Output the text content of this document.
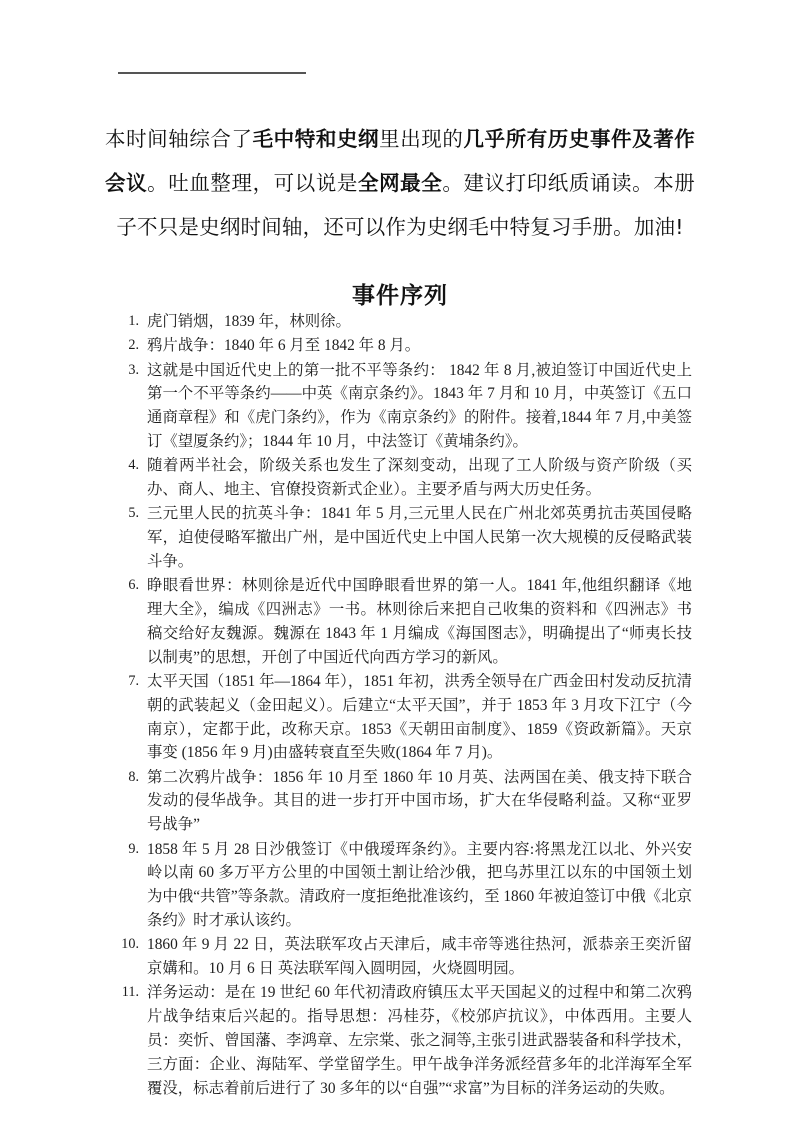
本时间轴综合了毛中特和史纲里出现的几乎所有历史事件及著作会议。吐血整理，可以说是全网最全。建议打印纸质诵读。本册子不只是史纲时间轴，还可以作为史纲毛中特复习手册。加油!

事件序列
1. 虎门销烟，1839 年，林则徐。
2. 鸦片战争：1840 年 6 月至 1842 年 8 月。
3. 这就是中国近代史上的第一批不平等条约： 1842 年 8 月,被迫签订中国近代史上第一个不平等条约——中英《南京条约》。1843 年 7 月和 10 月，中英签订《五口通商章程》和《虎门条约》，作为《南京条约》的附件。接着,1844 年 7 月,中美签订《望厦条约》；1844 年 10 月，中法签订《黄埔条约》。
4. 随着两半社会，阶级关系也发生了深刻变动，出现了工人阶级与资产阶级（买办、商人、地主、官僚投资新式企业）。主要矛盾与两大历史任务。
5. 三元里人民的抗英斗争：1841 年 5 月,三元里人民在广州北郊英勇抗击英国侵略军，迫使侵略军撤出广州，是中国近代史上中国人民第一次大规模的反侵略武装斗争。
6. 睁眼看世界：林则徐是近代中国睁眼看世界的第一人。1841 年,他组织翻译《地理大全》，编成《四洲志》一书。林则徐后来把自己收集的资料和《四洲志》书稿交给好友魏源。魏源在 1843 年 1 月编成《海国图志》，明确提出了“师夷长技以制夷”的思想，开创了中国近代向西方学习的新风。
7. 太平天国（1851 年—1864 年），1851 年初，洪秀全领导在广西金田村发动反抗清朝的武装起义（金田起义）。后建立“太平天国”，并于 1853 年 3 月攻下江宁（今南京），定都于此，改称天京。1853《天朝田亩制度》、1859《资政新篇》。天京事变 (1856 年 9 月)由盛转衰直至失败(1864 年 7 月)。
8. 第二次鸦片战争：1856 年 10 月至 1860 年 10 月英、法两国在美、俄支持下联合发动的侵华战争。其目的进一步打开中国市场，扩大在华侵略利益。又称“亚罗号战争”
9. 1858 年 5 月 28 日沙俄签订《中俄瑷珲条约》。主要内容:将黑龙江以北、外兴安岭以南 60 多万平方公里的中国领土割让给沙俄，把乌苏里江以东的中国领土划为中俄“共管”等条款。清政府一度拒绝批准该约，至 1860 年被迫签订中俄《北京条约》时才承认该约。
10. 1860 年 9 月 22 日，英法联军攻占天津后，咸丰帝等逃往热河，派恭亲王奕沂留京媾和。10 月 6 日 英法联军闯入圆明园，火烧圆明园。
11. 洋务运动：是在 19 世纪 60 年代初清政府镇压太平天国起义的过程中和第二次鸦片战争结束后兴起的。指导思想：冯桂芬，《校邠庐抗议》，中体西用。主要人员：奕忻、曾国藩、李鸿章、左宗棠、张之洞等,主张引进武器装备和科学技术，三方面：企业、海陆军、学堂留学生。甲午战争洋务派经营多年的北洋海军全军覆没，标志着前后进行了 30 多年的以“自强”“求富”为目标的洋务运动的失败。
